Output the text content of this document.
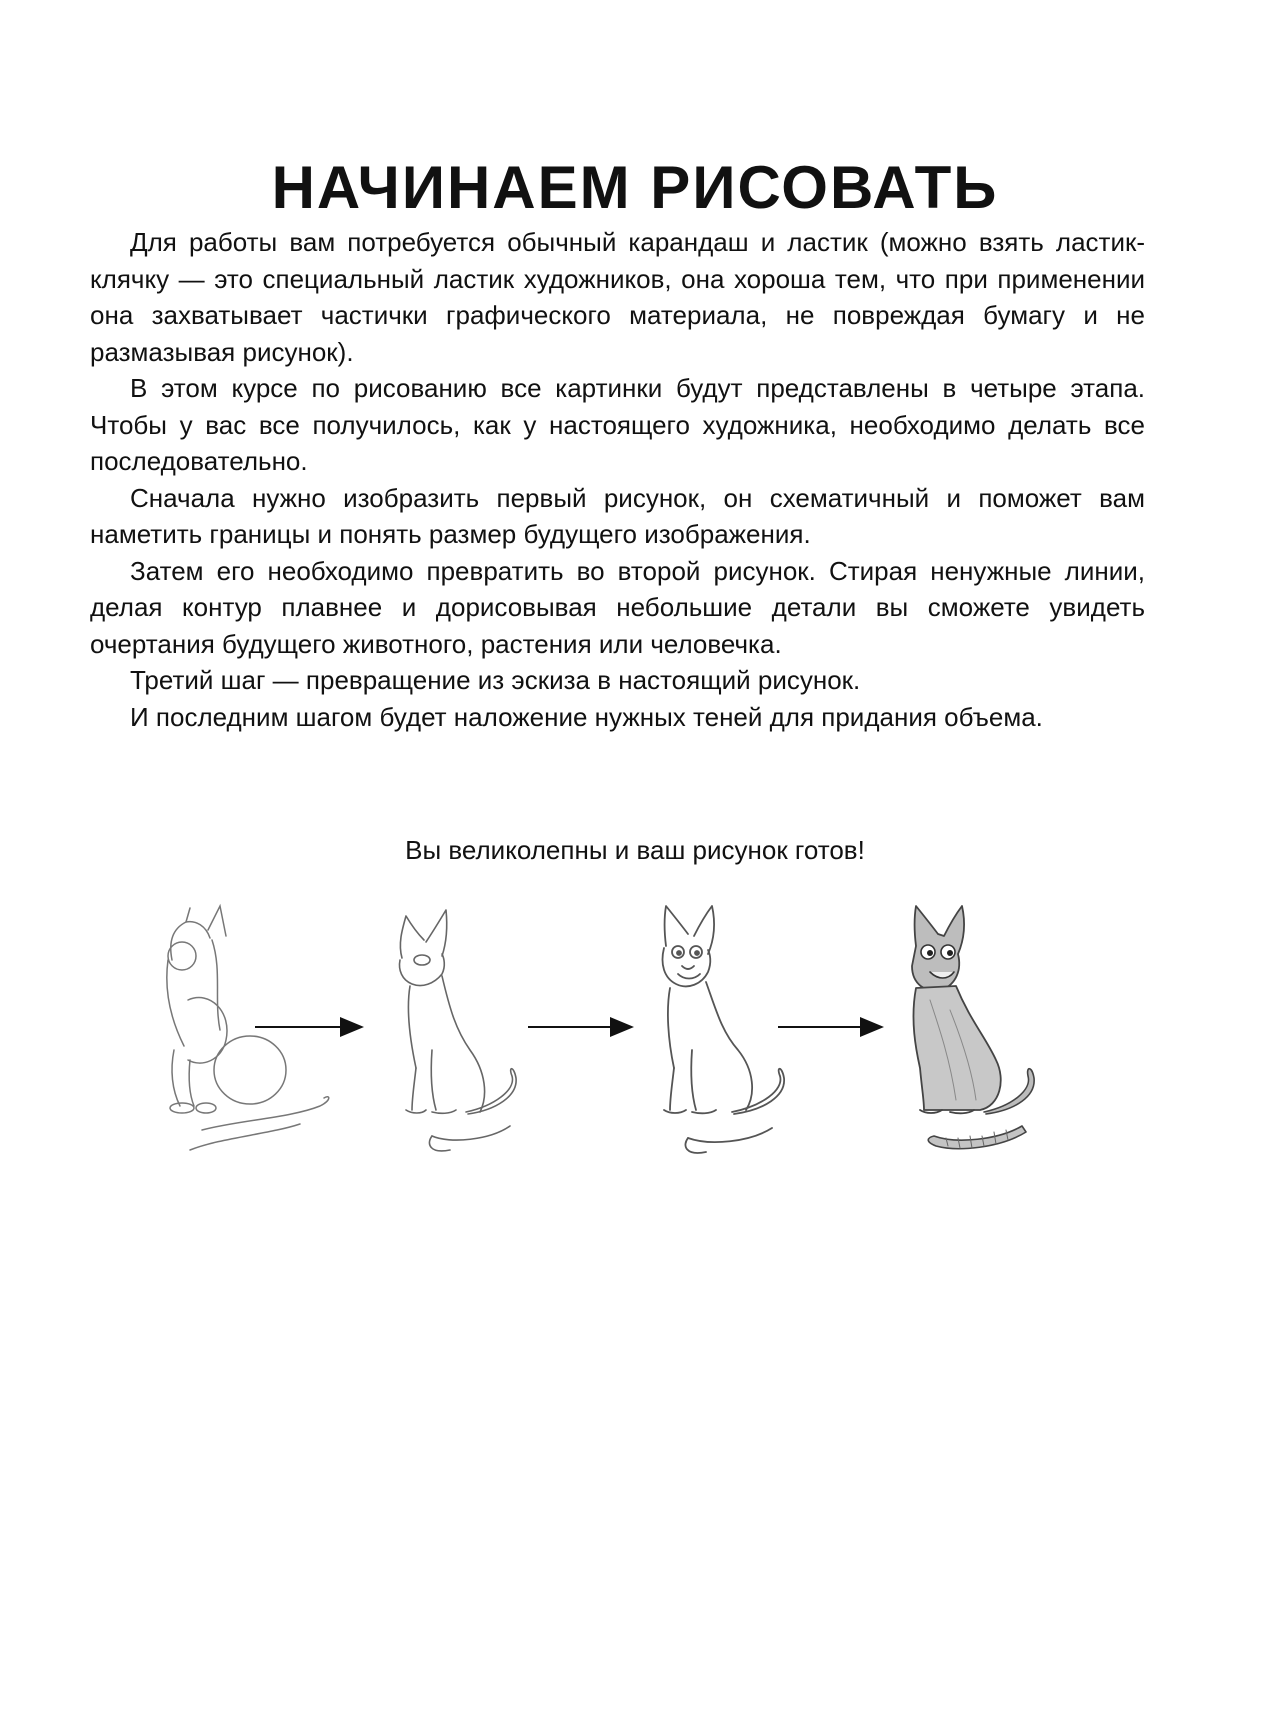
НАЧИНАЕМ РИСОВАТЬ

Для работы вам потребуется обычный карандаш и ластик (можно взять ластик-клячку — это специальный ластик художников, она хороша тем, что при применении она захватывает частички графического материала, не повреждая бумагу и не размазывая рисунок).

В этом курсе по рисованию все картинки будут представлены в четыре этапа. Чтобы у вас все получилось, как у настоящего художника, необходимо делать все последовательно.

Сначала нужно изобразить первый рисунок, он схематичный и поможет вам наметить границы и понять размер будущего изображения.

Затем его необходимо превратить во второй рисунок. Стирая ненужные линии, делая контур плавнее и дорисовывая небольшие детали вы сможете увидеть очертания будущего животного, растения или человечка.

Третий шаг — превращение из эскиза в настоящий рисунок.

И последним шагом будет наложение нужных теней для придания объема.

Вы великолепны и ваш рисунок готов!
